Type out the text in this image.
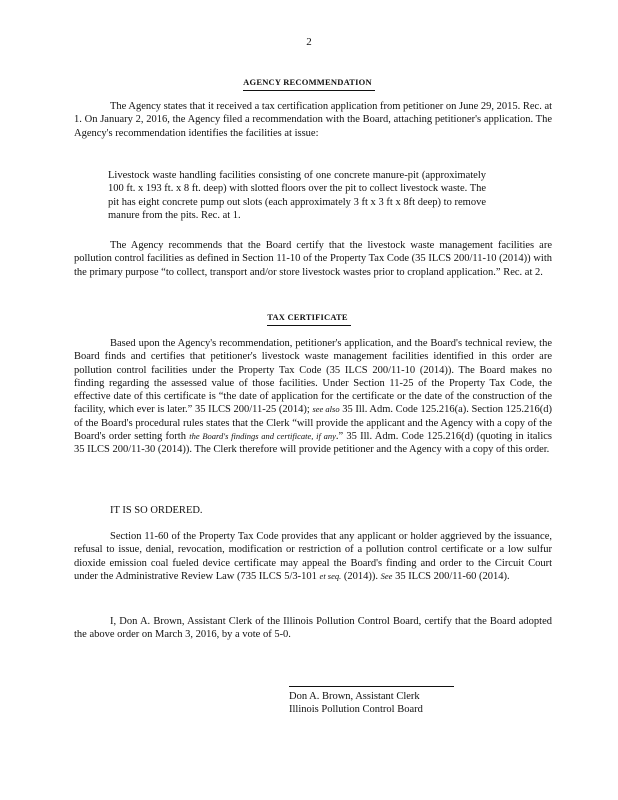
2
AGENCY RECOMMENDATION

The Agency states that it received a tax certification application from petitioner on June 29, 2015. Rec. at 1. On January 2, 2016, the Agency filed a recommendation with the Board, attaching petitioner's application. The Agency's recommendation identifies the facilities at issue:

Livestock waste handling facilities consisting of one concrete manure-pit (approximately 100 ft. x 193 ft. x 8 ft. deep) with slotted floors over the pit to collect livestock waste. The pit has eight concrete pump out slots (each approximately 3 ft x 3 ft x 8ft deep) to remove manure from the pits. Rec. at 1.

The Agency recommends that the Board certify that the livestock waste management facilities are pollution control facilities as defined in Section 11-10 of the Property Tax Code (35 ILCS 200/11-10 (2014)) with the primary purpose “to collect, transport and/or store livestock wastes prior to cropland application.” Rec. at 2.

TAX CERTIFICATE

Based upon the Agency's recommendation, petitioner's application, and the Board's technical review, the Board finds and certifies that petitioner's livestock waste management facilities identified in this order are pollution control facilities under the Property Tax Code (35 ILCS 200/11-10 (2014)). The Board makes no finding regarding the assessed value of those facilities. Under Section 11-25 of the Property Tax Code, the effective date of this certificate is “the date of application for the certificate or the date of the construction of the facility, which ever is later.” 35 ILCS 200/11-25 (2014); see also 35 Ill. Adm. Code 125.216(a). Section 125.216(d) of the Board's procedural rules states that the Clerk “will provide the applicant and the Agency with a copy of the Board's order setting forth the Board's findings and certificate, if any.” 35 Ill. Adm. Code 125.216(d) (quoting in italics 35 ILCS 200/11-30 (2014)). The Clerk therefore will provide petitioner and the Agency with a copy of this order.

IT IS SO ORDERED.

Section 11-60 of the Property Tax Code provides that any applicant or holder aggrieved by the issuance, refusal to issue, denial, revocation, modification or restriction of a pollution control certificate or a low sulfur dioxide emission coal fueled device certificate may appeal the Board's finding and order to the Circuit Court under the Administrative Review Law (735 ILCS 5/3-101 et seq. (2014)). See 35 ILCS 200/11-60 (2014).

I, Don A. Brown, Assistant Clerk of the Illinois Pollution Control Board, certify that the Board adopted the above order on March 3, 2016, by a vote of 5-0.

Don A. Brown, Assistant Clerk
Illinois Pollution Control Board
